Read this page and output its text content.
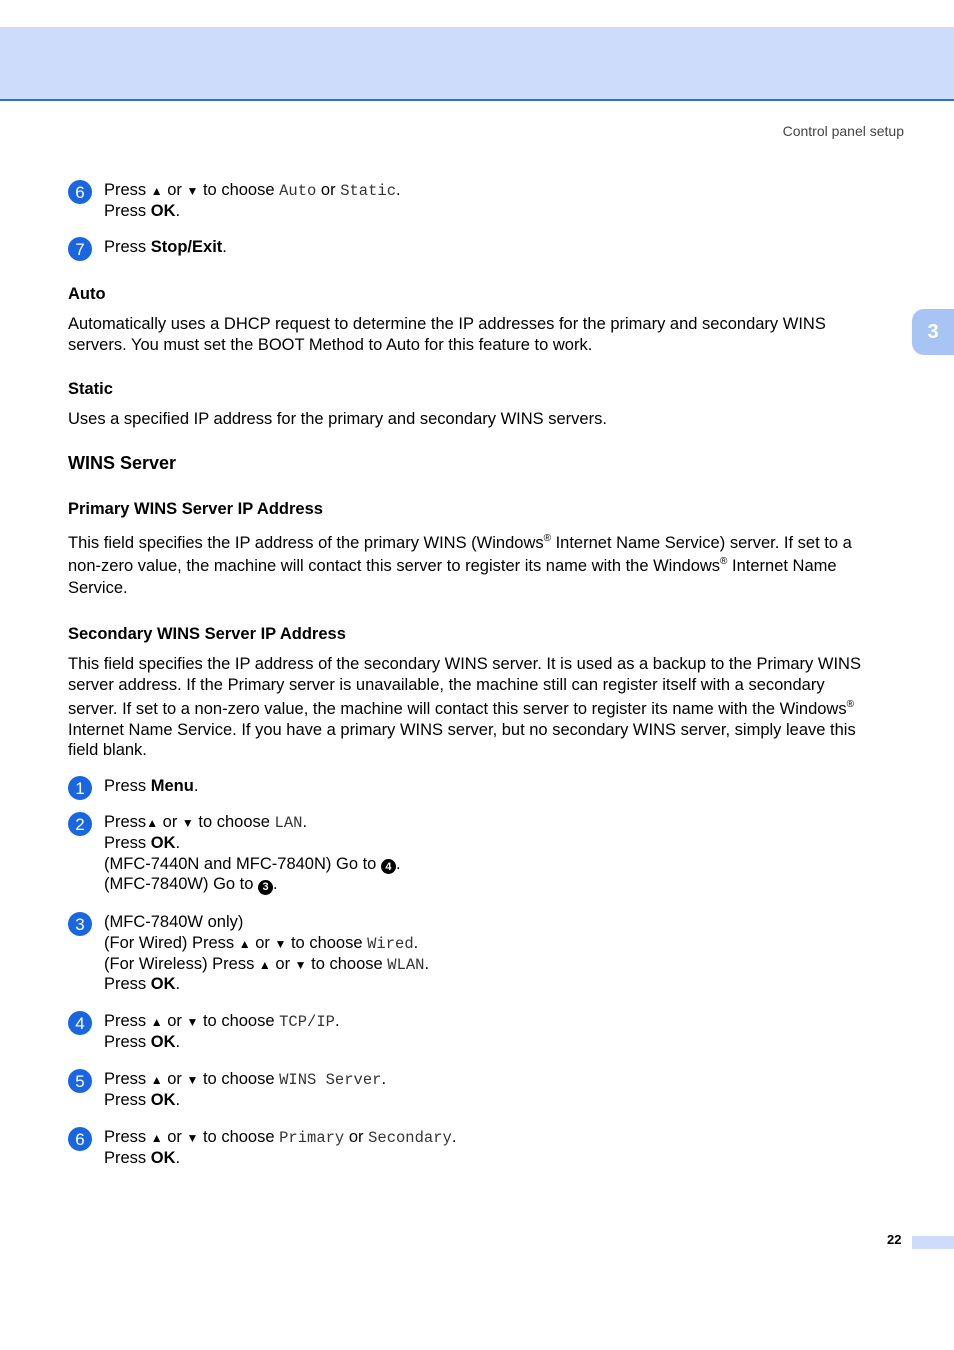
Control panel setup
3
6	Press ▲ or ▼ to choose Auto or Static.
Press OK.
7	Press Stop/Exit.
Auto
Automatically uses a DHCP request to determine the IP addresses for the primary and secondary WINS
servers. You must set the BOOT Method to Auto for this feature to work.
Static
Uses a specified IP address for the primary and secondary WINS servers.
WINS Server
Primary WINS Server IP Address
This field specifies the IP address of the primary WINS (Windows® Internet Name Service) server. If set to a
non-zero value, the machine will contact this server to register its name with the Windows® Internet Name
Service.
Secondary WINS Server IP Address
This field specifies the IP address of the secondary WINS server. It is used as a backup to the Primary WINS
server address. If the Primary server is unavailable, the machine still can register itself with a secondary
server. If set to a non-zero value, the machine will contact this server to register its name with the Windows®
Internet Name Service. If you have a primary WINS server, but no secondary WINS server, simply leave this
field blank.
1	Press Menu.
2	Press▲ or ▼ to choose LAN.
Press OK.
(MFC-7440N and MFC-7840N) Go to 4 .
(MFC-7840W) Go to 3 .
3	(MFC-7840W only)
(For Wired) Press ▲ or ▼ to choose Wired.
(For Wireless) Press ▲ or ▼ to choose WLAN.
Press OK.
4	Press ▲ or ▼ to choose TCP/IP.
Press OK.
5	Press ▲ or ▼ to choose WINS Server.
Press OK.
6	Press ▲ or ▼ to choose Primary or Secondary.
Press OK.
22
